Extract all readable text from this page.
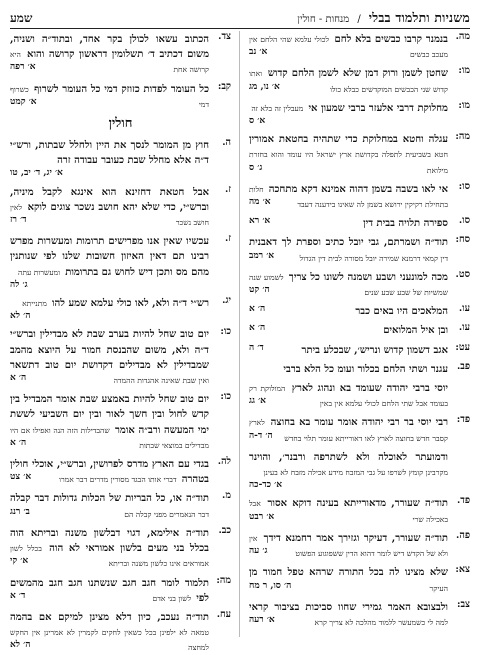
משניות ותלמוד בבלי / מנחות - חולין
שמע
מה.
בנמנר קרבו כבשים בלא לחם לכולי עלמא שהי הלחם אין מעכב כבשים
א׳ נב
מו:
שחטן לשמן ורוק דמן שלא לשמן הלחם קדוש ואתו קדוש שני הכבשים המוקדשים כבלא כולו
א׳ נו, מג
מו:
מחלוקת דרבי אלעזר ברבי שמעון אי מעבלין זה בלא זה
א׳ ס
מה:
עגלה וחטא במחלוקת כדי שתהיה בחטאת אמורין חטא בשביעית לתפלה בקדושת ארץ ישראל היו עומד והוא בחזרת מילואת
ג׳ ס
סו:
אי לאו בשבה בשמן דהוה אמינא דקא מתחכה חלות בתחילת רקיקין ירושא בשמן לה שאינו בידענה דעבד
א׳ מה
סו.
ספירה תלויה בבית דין
א׳ רא
סח:
תוד״ה ושמרתם, גבי יובל כתיב וספרת לך דאבנית דין קמאי דרמנא שמירה יובל מסורה לבית דין הגדול
א׳ רמב
סט.
מכה למונעני ושבע ושמנה לשונו כל צריך לשמוע שנה שמשיות של שבע שבע שנים
ה׳ קט
עו.
המלאכים היו באים כבר
ה׳ א
עו.
ובן איל המלואים
ה׳ א
עט:
אגב דשמון קדוש ונריש׳, שבכלע ביתר
ד׳ ה
פב.
עגנר ושתי הלחם בכלור ועומ כל הלא ברבי
יוסי ברבי יהודה שעומד בא ונהוג לארץ המולוקת רק בעומד אבל שתי הלחם לכולי עלמא אין באין
א׳ גג
פד:
רבי יוסי בר רבי יהודה אומר עומר בא בחוצה לארץ קסבר חדש בחוצה לארץ לאו דאורייתא עומר תלוי בחדש
ה׳ ד-ה
ודמועתר לאוכלה ולא לשתרפה ורבנר׳, והוינר מקרבינן קומץ לשרפו על גבי המזבח מידע אכילה מזבח לא בעינן
א׳ כד-כה
פד.
תוד״ה שעורר, מדאורייתא בעינה דוקא אסור אבל באכילה שרי
א׳ רבט
פה.
תוד״ה שעורר, דעיקר וגזירך אמר רחמנא דידך אין ולא של הקדש דיש לומר דהוא הדין ששפוגוע הפשוט
ג׳ עה
צא:
שלא מצינו לה בכל התורה שרהא טפל חמור מן העיקר
ה׳ סו, ר מח
צב:
ולבצובא האמר גמירי שחוו סביכות בציבור קראי למה לי כשמעשר ללמוד מהלכה לא צריך קרא
א׳ רעה
צד.
הכתוב עשאו לכולן בקר אחד, ובתוד״ה ושניה, משום דכתיב ד׳ תשלומין דראשון קרושה והוא היא קרושה אחת
א׳ רפה
קב:
כל העומר לפדות כזוזק דמי כל העומר לשרוף כשרוף דמי
א׳ קמט
חולין
ה.
חוץ מן המומר לנסך את היין ולחלל שבתות, ורש״י ד״ה אלא מחלל שבת כעובר עבודה זרה
א׳ יג, ד׳ יב, טו
ז.
אבל חטאת דחזינא הוא אינגא לקבל מיניה, וברש״י, כדי שלא יהא חושב נשכר צוגים לוקא לאין חושב נשכר
ד׳ רז
ז.
עכשיו שאין אנו מפרישים תרומות ומעשרות מפרש רבינו תם דאין האיזון חשובות שלנו לפי שנותנין מהם מס ותכן דיש לחוש גם בתרומות ומעשרות עתה
ג׳ לה
יג.
רש״י ד״ה ולא, לאו כולי עלמא שמע להו מתנייתא
ה׳ לא
כו:
יום טוב שחל להיות בערב שבת לא מבדילין וברש״י ד״ה ולא, משום שהבנסת חמור על היוצא מהמב שמבדילין לא מבדילים דקדושת יום טוב דתשאר ואין שבת שאינה אהגדות ההמדה
ה׳ א
כו:
יום טוב שחל להיות באמצע שבת אומר המבדיל בין קדש לחול ובין חשך לאור ובין יום השביעי לששת ימי המעשה ורב״ה אומר שהבדילות הזה הנה ואפילו אם היו מבדילים במוצאי שבתות
ה׳ א
לה.
בגדי עם הארץ מדרס לפרושין, וברש״י, אוכלי חולין בטהרה דברי אותו הבגד מסורין מדרים דבר אמרו
א׳ צט
מ.
תוד״ה או, כל הבריות של הכלות גדולות דבר קבלה דבר הנאמרים מפני קבלה הם
ב׳ רנג
כב.
תוד״ה אילימא, דגוי דבלשון משנה ובריתא הוה בכלל בני מעים בלשון אמוראי לא הוה בכלל לשון אמוראים אינו כלשון משנה ובריתא
א׳ קי
מה:
תלמוד לומר חגב חגב שנשתנו חגב חגב מהמשים לפי לשון בני אדם
ד׳ א
עח.
תוד״ה נעכב, כיון דלא מצינן למיקם אם בהמה טמאה לא ילפינן בכל כשאין לחקים לקמרין לא אמרינן אין החקש למחצה
ה׳ לא
